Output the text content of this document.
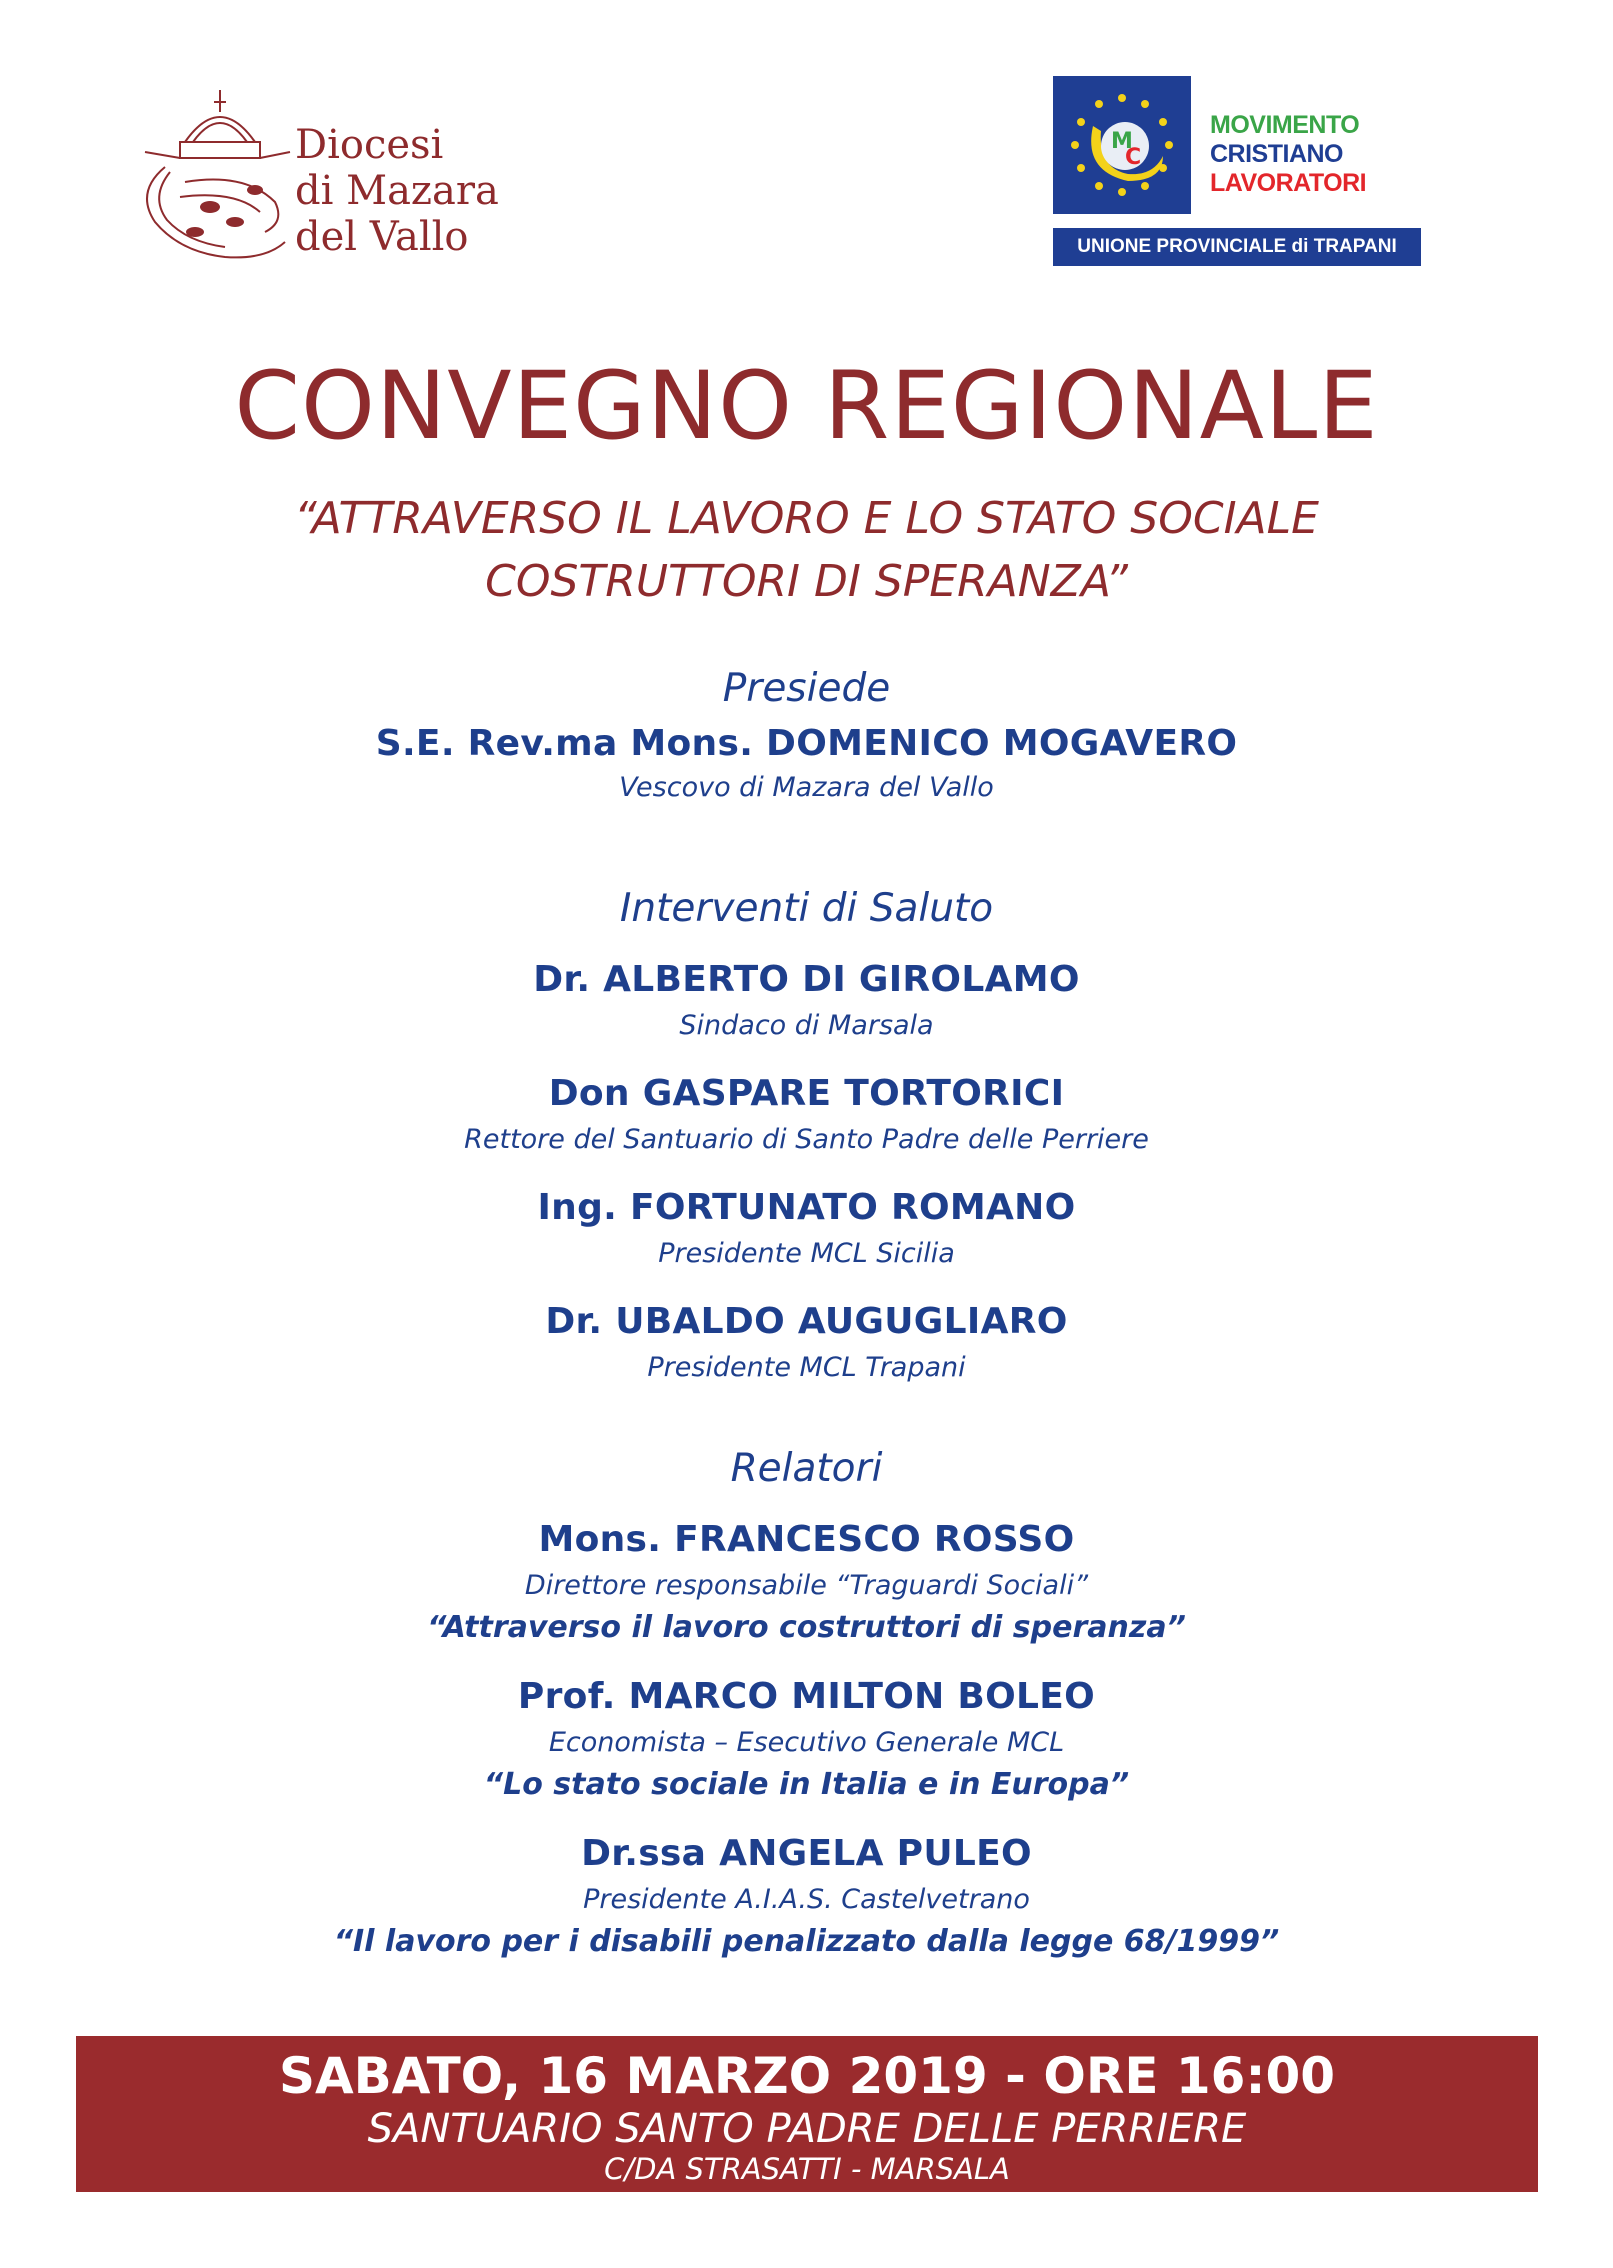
Diocesi
di Mazara
del Vallo
M
C
MOVIMENTO
CRISTIANO
LAVORATORI
UNIONE PROVINCIALE di TRAPANI
CONVEGNO REGIONALE
“ATTRAVERSO IL LAVORO E LO STATO SOCIALE
COSTRUTTORI DI SPERANZA”
Presiede
S.E. Rev.ma Mons. DOMENICO MOGAVERO
Vescovo di Mazara del Vallo
Interventi di Saluto
Dr. ALBERTO DI GIROLAMO
Sindaco di Marsala
Don GASPARE TORTORICI
Rettore del Santuario di Santo Padre delle Perriere
Ing. FORTUNATO ROMANO
Presidente MCL Sicilia
Dr. UBALDO AUGUGLIARO
Presidente MCL Trapani
Relatori
Mons. FRANCESCO ROSSO
Direttore responsabile “Traguardi Sociali”
“Attraverso il lavoro costruttori di speranza”
Prof. MARCO MILTON BOLEO
Economista – Esecutivo Generale MCL
“Lo stato sociale in Italia e in Europa”
Dr.ssa ANGELA PULEO
Presidente A.I.A.S. Castelvetrano
“Il lavoro per i disabili penalizzato dalla legge 68/1999”
SABATO, 16 MARZO 2019 - ORE 16:00
SANTUARIO SANTO PADRE DELLE PERRIERE
C/DA STRASATTI - MARSALA
